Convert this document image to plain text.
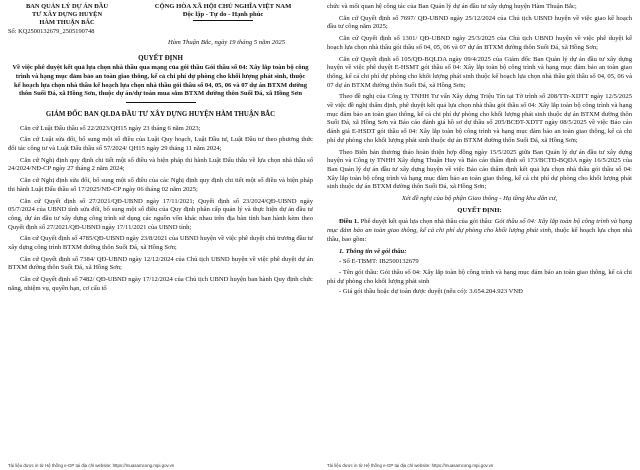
BAN QUẢN LÝ DỰ ÁN ĐẦU
TƯ XÂY DỰNG HUYỆN
HÀM THUẬN BẮC
CỘNG HÒA XÃ HỘI CHỦ NGHĨA VIỆT NAM
Độc lập - Tự do - Hạnh phúc
Số: KQ2500132679_2505190748
Hàm Thuận Bắc, ngày 19 tháng 5 năm 2025
QUYẾT ĐỊNH
Về việc phê duyệt kết quả lựa chọn nhà thầu qua mạng của gói thầu Gói thầu số 04: Xây lắp toàn bộ công trình và hạng mục đảm bảo an toàn giao thông, kể cả chi phí dự phòng cho khối lượng phát sinh, thuộc kế hoạch lựa chọn nhà thầu kế hoạch lựa chọn nhà thầu gói thầu số 04, 05, 06 và 07 dự án BTXM đường thôn Suối Đá, xã Hồng Sơn, thuộc dự án/dự toán mua sắm BTXM đường thôn Suối Đá, xã Hồng Sơn
GIÁM ĐỐC BAN QLDA ĐẦU TƯ XÂY DỰNG HUYỆN HÀM THUẬN BẮC
Căn cứ Luật Đấu thầu số 22/2023/QH15 ngày 23 tháng 6 năm 2023;
Căn cứ Luật sửa đổi, bổ sung một số điều của Luật Quy hoạch, Luật Đầu tư, Luật Đầu tư theo phương thức đối tác công tư và Luật Đấu thầu số 57/2024/ QH15 ngày 29 tháng 11 năm 2024;
Căn cứ Nghị định quy định chi tiết một số điều và biện pháp thi hành Luật Đấu thầu về lựa chọn nhà thầu số 24/2024/NĐ-CP ngày 27 tháng 2 năm 2024;
Căn cứ Nghị định sửa đổi, bổ sung một số điều của các Nghị định quy định chi tiết một số điều và biện pháp thi hành Luật Đấu thầu số 17/2025/NĐ-CP ngày 06 tháng 02 năm 2025;
Căn cứ Quyết định số 27/2021/QĐ-UBND ngày 17/11/2021; Quyết định số 23/2024/QĐ-UBND ngày 05/7/2024 của UBND tỉnh sửa đổi, bổ sung một số điều của Quy định phân cấp quản lý và thực hiện dự án đầu tư công, dự án đầu tư xây dựng công trình sử dụng các nguồn vốn khác nhau trên địa bàn tỉnh ban hành kèm theo Quyết định số 27/2021/QĐ-UBND ngày 17/11/2021 của UBND tỉnh;
Căn cứ Quyết định số 4785/QĐ-UBND ngày 23/8/2021 của UBND huyện về việc phê duyệt chủ trương đầu tư xây dựng công trình BTXM đường thôn Suối Đá, xã Hồng Sơn;
Căn cứ Quyết định số 7384/ QĐ-UBND ngày 12/12/2024 của Chủ tịch UBND huyện về việc phê duyệt dự án BTXM đường thôn Suối Đá, xã Hồng Sơn;
Căn cứ Quyết định số 7482/ QĐ-UBND ngày 17/12/2024 của Chủ tịch UBND huyện ban hành Quy định chức năng, nhiệm vụ, quyền hạn, cơ cấu tổ
chức và mối quan hệ công tác của Ban Quản lý dự án đầu tư xây dựng huyện Hàm Thuận Bắc;
Căn cứ Quyết định số 7697/ QĐ-UBND ngày 25/12/2024 của Chủ tịch UBND huyện về việc giao kế hoạch đầu tư công năm 2025;
Căn cứ Quyết định số 1301/ QĐ-UBND ngày 25/3/2025 của Chủ tịch UBND huyện về việc phê duyệt kế hoạch lựa chọn nhà thầu gói thầu số 04, 05, 06 và 07 dự án BTXM đường thôn Suối Đá, xã Hồng Sơn;
Căn cứ Quyết định số 105/QĐ-BQLDA ngày 09/4/2025 của Giám đốc Ban Quản lý dự án đầu tư xây dựng huyện về việc phê duyệt E-HSMT gói thầu số 04: Xây lắp toàn bộ công trình và hạng mục đảm bảo an toàn giao thông, kể cả chi phí dự phòng cho khối lượng phát sinh thuộc kế hoạch lựa chọn nhà thầu gói thầu số 04, 05, 06 và 07 dự án BTXM đường thôn Suối Đá, xã Hồng Sơn;
Theo đề nghị của Công ty TNHH Tư vấn Xây dựng Triệu Tín tại Tờ trình số 208/TTr-XDTT ngày 12/5/2025 về việc đề nghị thẩm định, phê duyệt kết quả lựa chọn nhà thầu gói thầu số 04: Xây lắp toàn bộ công trình và hạng mục đảm bảo an toàn giao thông, kể cả chi phí dự phòng cho khối lượng phát sinh thuộc dự án BTXM đường thôn Suối Đá, xã Hồng Sơn và Báo cáo đánh giá hồ sơ dự thầu số 205/BCĐT-XDTT ngày 08/5/2025 về việc Báo cáo đánh giá E-HSDT gói thầu số 04: Xây lắp toàn bộ công trình và hạng mục đảm bảo an toàn giao thông, kể cả chi phí dự phòng cho khối lượng phát sinh thuộc dự án BTXM đường thôn Suối Đá, xã Hồng Sơn;
Theo Biên bản thương thảo hoàn thiện hợp đồng ngày 15/5/2025 giữa Ban Quản lý dự án đầu tư xây dựng huyện và Công ty TNHH Xây dựng Thuận Huy và Báo cáo thẩm định số 173/BCTĐ-BQDA ngày 16/5/2025 của Ban Quản lý dự án đầu tư xây dựng huyện về việc Báo cáo thẩm định kết quả lựa chọn nhà thầu gói thầu số 04: Xây lắp toàn bộ công trình và hạng mục đảm bảo an toàn giao thông, kể cả chi phí dự phòng cho khối lượng phát sinh thuộc dự án BTXM đường thôn Suối Đá, xã Hồng Sơn;
Xét đề nghị của bộ phận Giao thông - Hạ tầng khu dân cư,
QUYẾT ĐỊNH:
Điều 1. Phê duyệt kết quả lựa chọn nhà thầu của gói thầu: Gói thầu số 04: Xây lắp toàn bộ công trình và hạng mục đảm bảo an toàn giao thông, kể cả chi phí dự phòng cho khối lượng phát sinh, thuộc kế hoạch lựa chọn nhà thầu, bao gồm:
1. Thông tin về gói thầu:
- Số E-TBMT: IB2500132679
- Tên gói thầu: Gói thầu số 04: Xây lắp toàn bộ công trình và hạng mục đảm bảo an toàn giao thông, kể cả chi phí dự phòng cho khối lượng phát sinh
- Giá gói thầu hoặc dự toán được duyệt (nếu có): 3.654.204.923 VNĐ
Tài liệu được in từ Hệ thống e-GP tại địa chỉ website: https://muasamcong.mpi.gov.vn	Tài liệu được in từ Hệ thống e-GP tại địa chỉ website: https://muasamcong.mpi.gov.vn
